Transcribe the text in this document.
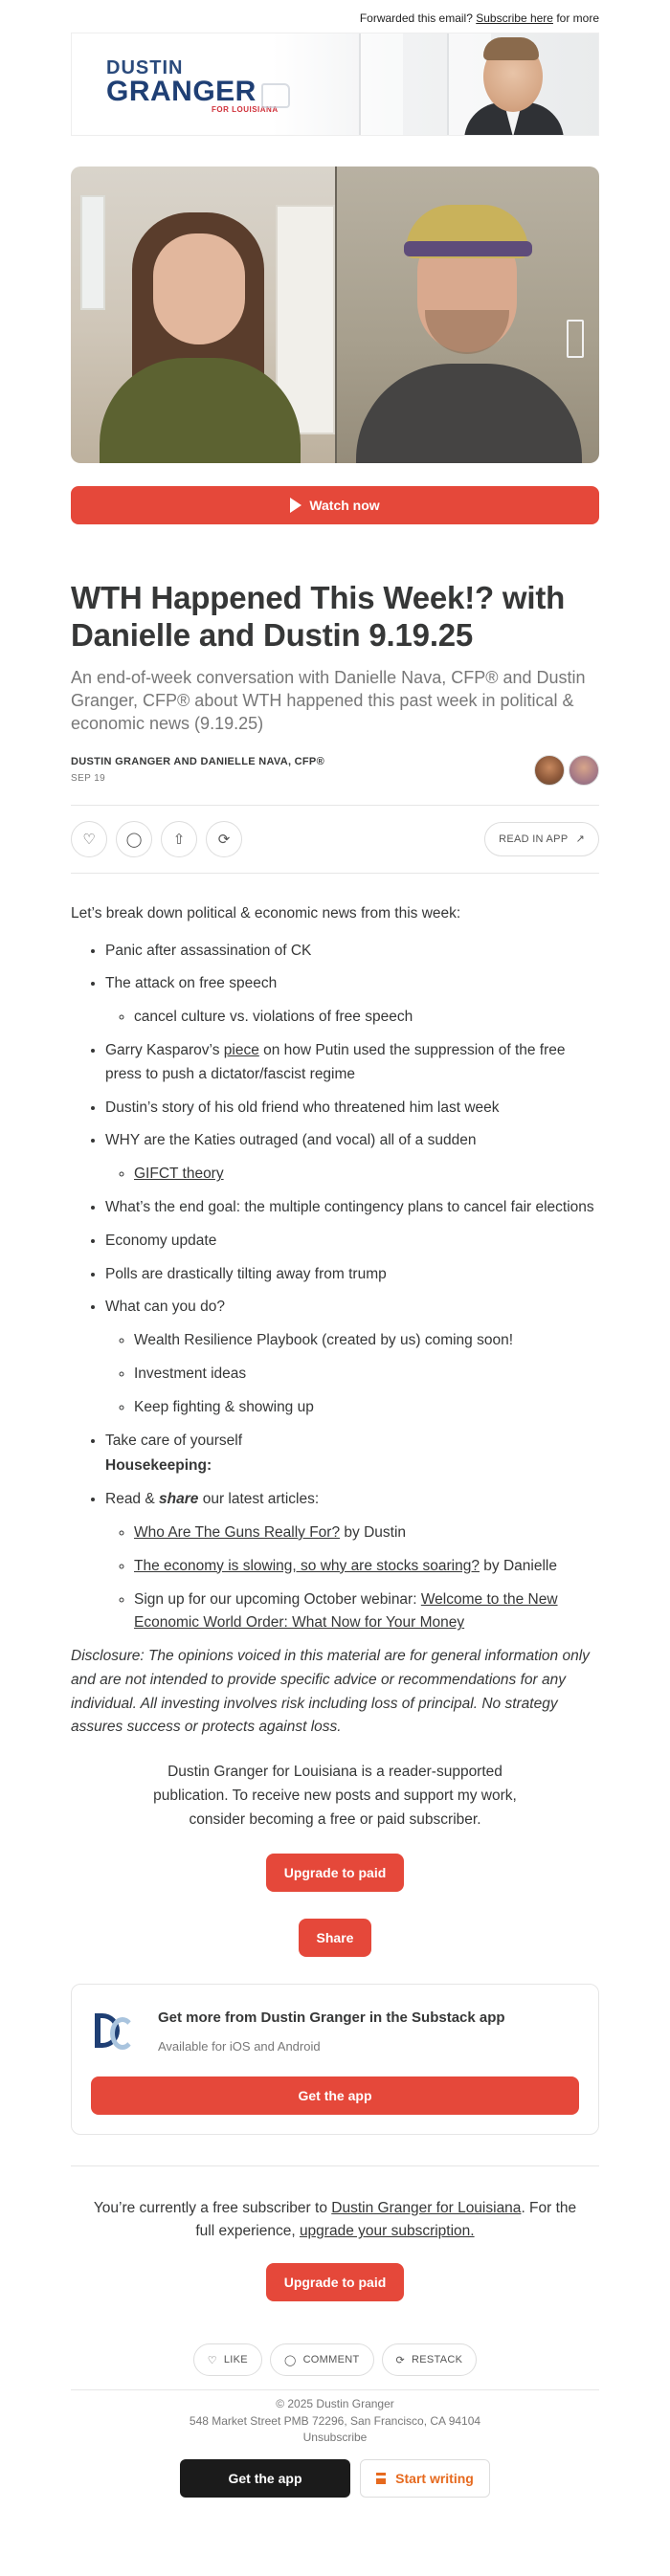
Forwarded this email? Subscribe here for more
DUSTIN
GRANGER
FOR LOUISIANA
Watch now
WTH Happened This Week!? with Danielle and Dustin 9.19.25
An end-of-week conversation with Danielle Nava, CFP® and Dustin Granger, CFP® about WTH happened this past week in political & economic news (9.19.25)
DUSTIN GRANGER AND DANIELLE NAVA, CFP®
SEP 19
♡ ◯ ⇧ ⟳	READ IN APP ↗

Let’s break down political & economic news from this week:

• Panic after assassination of CK
• The attack on free speech
◦ cancel culture vs. violations of free speech
• Garry Kasparov’s piece on how Putin used the suppression of the free press to push a dictator/fascist regime
• Dustin’s story of his old friend who threatened him last week
• WHY are the Katies outraged (and vocal) all of a sudden
◦ GIFCT theory
• What’s the end goal: the multiple contingency plans to cancel fair elections
• Economy update
• Polls are drastically tilting away from trump
• What can you do?
◦ Wealth Resilience Playbook (created by us) coming soon!
◦ Investment ideas
◦ Keep fighting & showing up
• Take care of yourself
Housekeeping:
• Read & share our latest articles:
◦ Who Are The Guns Really For? by Dustin
◦ The economy is slowing, so why are stocks soaring? by Danielle
◦ Sign up for our upcoming October webinar: Welcome to the New Economic World Order: What Now for Your Money

Disclosure: The opinions voiced in this material are for general information only and are not intended to provide specific advice or recommendations for any individual. All investing involves risk including loss of principal. No strategy assures success or protects against loss.

Dustin Granger for Louisiana is a reader-supported publication. To receive new posts and support my work, consider becoming a free or paid subscriber.
Upgrade to paid
Share
Get more from Dustin Granger in the Substack app
Available for iOS and Android
Get the app
You’re currently a free subscriber to Dustin Granger for Louisiana. For the full experience, upgrade your subscription.
Upgrade to paid
♡ LIKE	◯ COMMENT	⟳ RESTACK
© 2025 Dustin Granger
548 Market Street PMB 72296, San Francisco, CA 94104
Unsubscribe
Get the app	Start writing
